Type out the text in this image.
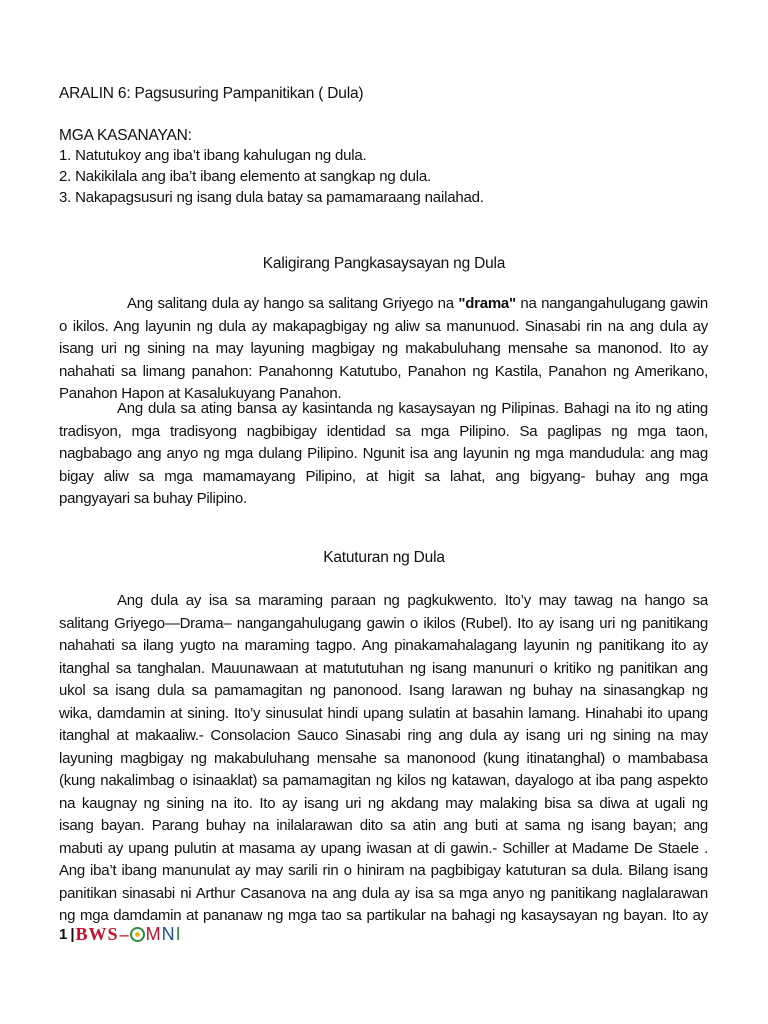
ARALIN 6: Pagsusuring Pampanitikan ( Dula)
MGA KASANAYAN:
1. Natutukoy ang iba’t ibang kahulugan ng dula.
2. Nakikilala ang iba’t ibang elemento at sangkap ng dula.
3. Nakapagsusuri ng isang dula batay sa pamamaraang nailahad.
Kaligirang Pangkasaysayan ng Dula
Ang salitang dula ay hango sa salitang Griyego na "drama" na nangangahulugang gawin
o ikilos. Ang layunin ng dula ay makapagbigay ng aliw sa manunuod. Sinasabi rin na ang dula ay
isang uri ng sining na may layuning magbigay ng makabuluhang mensahe sa manonod. Ito ay
nahahati sa limang panahon: Panahonng Katutubo, Panahon ng Kastila, Panahon ng Amerikano,
Panahon Hapon at Kasalukuyang Panahon.
Ang dula sa ating bansa ay kasintanda ng kasaysayan ng Pilipinas. Bahagi na ito ng ating
tradisyon, mga tradisyong nagbibigay identidad sa mga Pilipino. Sa paglipas ng mga taon,
nagbabago ang anyo ng mga dulang Pilipino. Ngunit isa ang layunin ng mga mandudula: ang mag
bigay aliw sa mga mamamayang Pilipino, at higit sa lahat, ang bigyang- buhay ang mga
pangyayari sa buhay Pilipino.
Katuturan ng Dula
Ang dula ay isa sa maraming paraan ng pagkukwento. Ito’y may tawag na hango sa
salitang Griyego—Drama– nangangahulugang gawin o ikilos (Rubel). Ito ay isang uri ng panitikang
nahahati sa ilang yugto na maraming tagpo. Ang pinakamahalagang layunin ng panitikang ito ay
itanghal sa tanghalan. Mauunawaan at matututuhan ng isang manunuri o kritiko ng panitikan ang
ukol sa isang dula sa pamamagitan ng panonood. Isang larawan ng buhay na sinasangkap ng
wika, damdamin at sining. Ito’y sinusulat hindi upang sulatin at basahin lamang. Hinahabi ito upang
itanghal at makaaliw.- Consolacion Sauco Sinasabi ring ang dula ay isang uri ng sining na may
layuning magbigay ng makabuluhang mensahe sa manonood (kung itinatanghal) o mambabasa
(kung nakalimbag o isinaaklat) sa pamamagitan ng kilos ng katawan, dayalogo at iba pang aspekto
na kaugnay ng sining na ito. Ito ay isang uri ng akdang may malaking bisa sa diwa at ugali ng
isang bayan. Parang buhay na inilalarawan dito sa atin ang buti at sama ng isang bayan; ang
mabuti ay upang pulutin at masama ay upang iwasan at di gawin.- Schiller at Madame De Staele .
Ang iba’t ibang manunulat ay may sarili rin o hiniram na pagbibigay katuturan sa dula. Bilang isang
panitikan sinasabi ni Arthur Casanova na ang dula ay isa sa mga anyo ng panitikang naglalarawan
ng mga damdamin at pananaw ng mga tao sa partikular na bahagi ng kasaysayan ng bayan. Ito ay
1 | BWS– MNI
